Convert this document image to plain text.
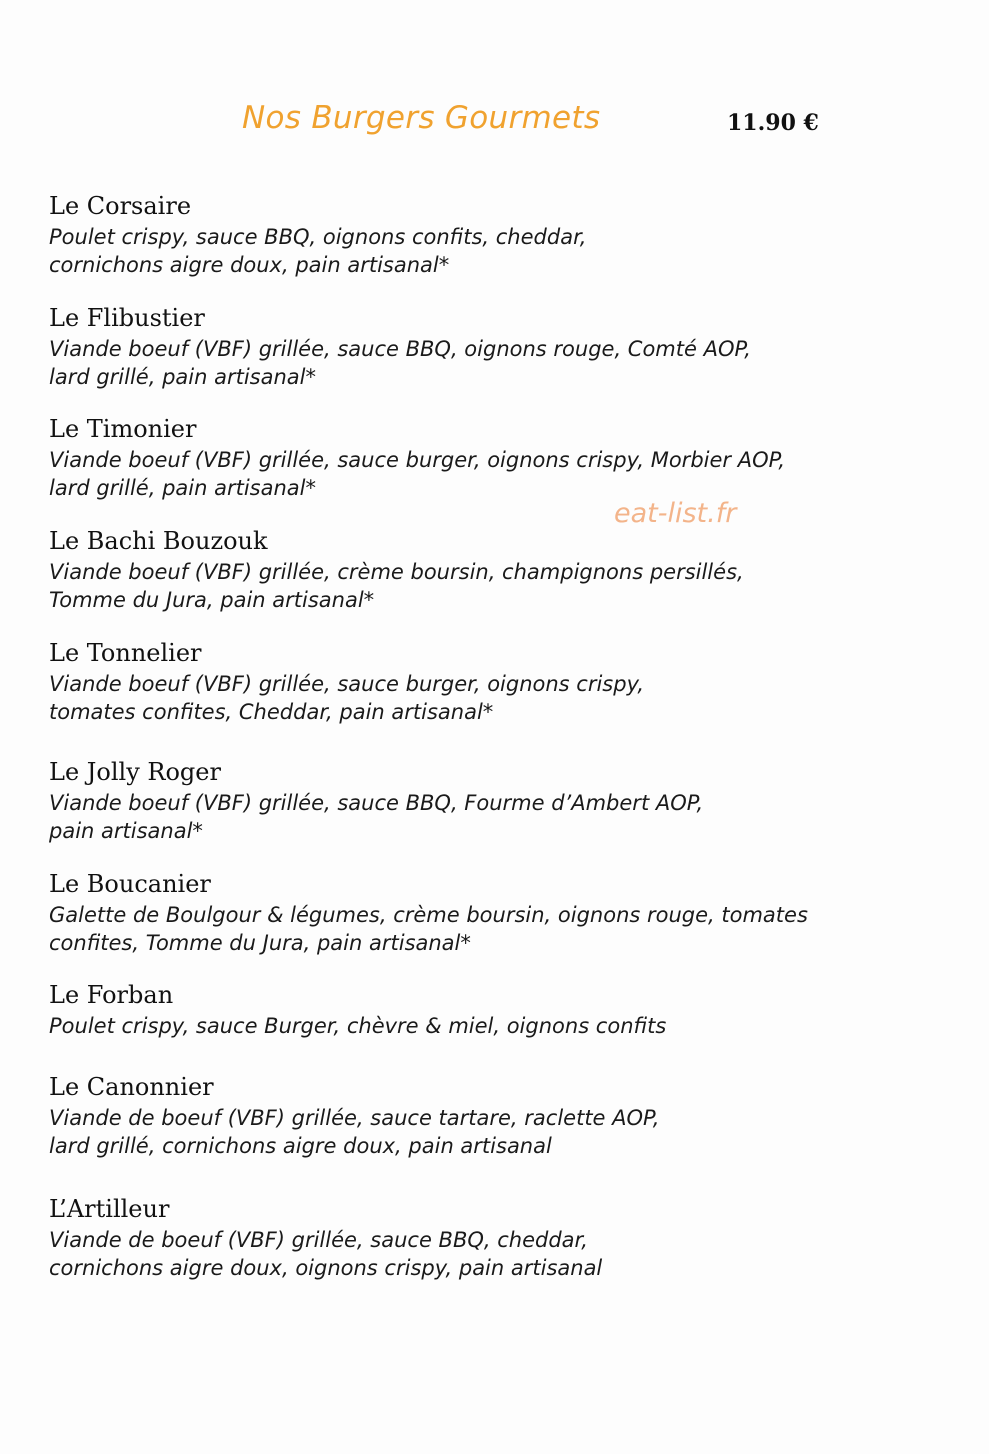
Nos Burgers Gourmets	11.90 €
eat-list.fr
Le Corsaire
Poulet crispy, sauce BBQ, oignons confits, cheddar,
cornichons aigre doux, pain artisanal*
Le Flibustier
Viande boeuf (VBF) grillée, sauce BBQ, oignons rouge, Comté AOP,
lard grillé, pain artisanal*
Le Timonier
Viande boeuf (VBF) grillée, sauce burger, oignons crispy, Morbier AOP,
lard grillé, pain artisanal*
Le Bachi Bouzouk
Viande boeuf (VBF) grillée, crème boursin, champignons persillés,
Tomme du Jura, pain artisanal*
Le Tonnelier
Viande boeuf (VBF) grillée, sauce burger, oignons crispy,
tomates confites, Cheddar, pain artisanal*
Le Jolly Roger
Viande boeuf (VBF) grillée, sauce BBQ, Fourme d’Ambert AOP,
pain artisanal*
Le Boucanier
Galette de Boulgour & légumes, crème boursin, oignons rouge, tomates
confites, Tomme du Jura, pain artisanal*
Le Forban
Poulet crispy, sauce Burger, chèvre & miel, oignons confits
Le Canonnier
Viande de boeuf (VBF) grillée, sauce tartare, raclette AOP,
lard grillé, cornichons aigre doux, pain artisanal
L’Artilleur
Viande de boeuf (VBF) grillée, sauce BBQ, cheddar,
cornichons aigre doux, oignons crispy, pain artisanal
